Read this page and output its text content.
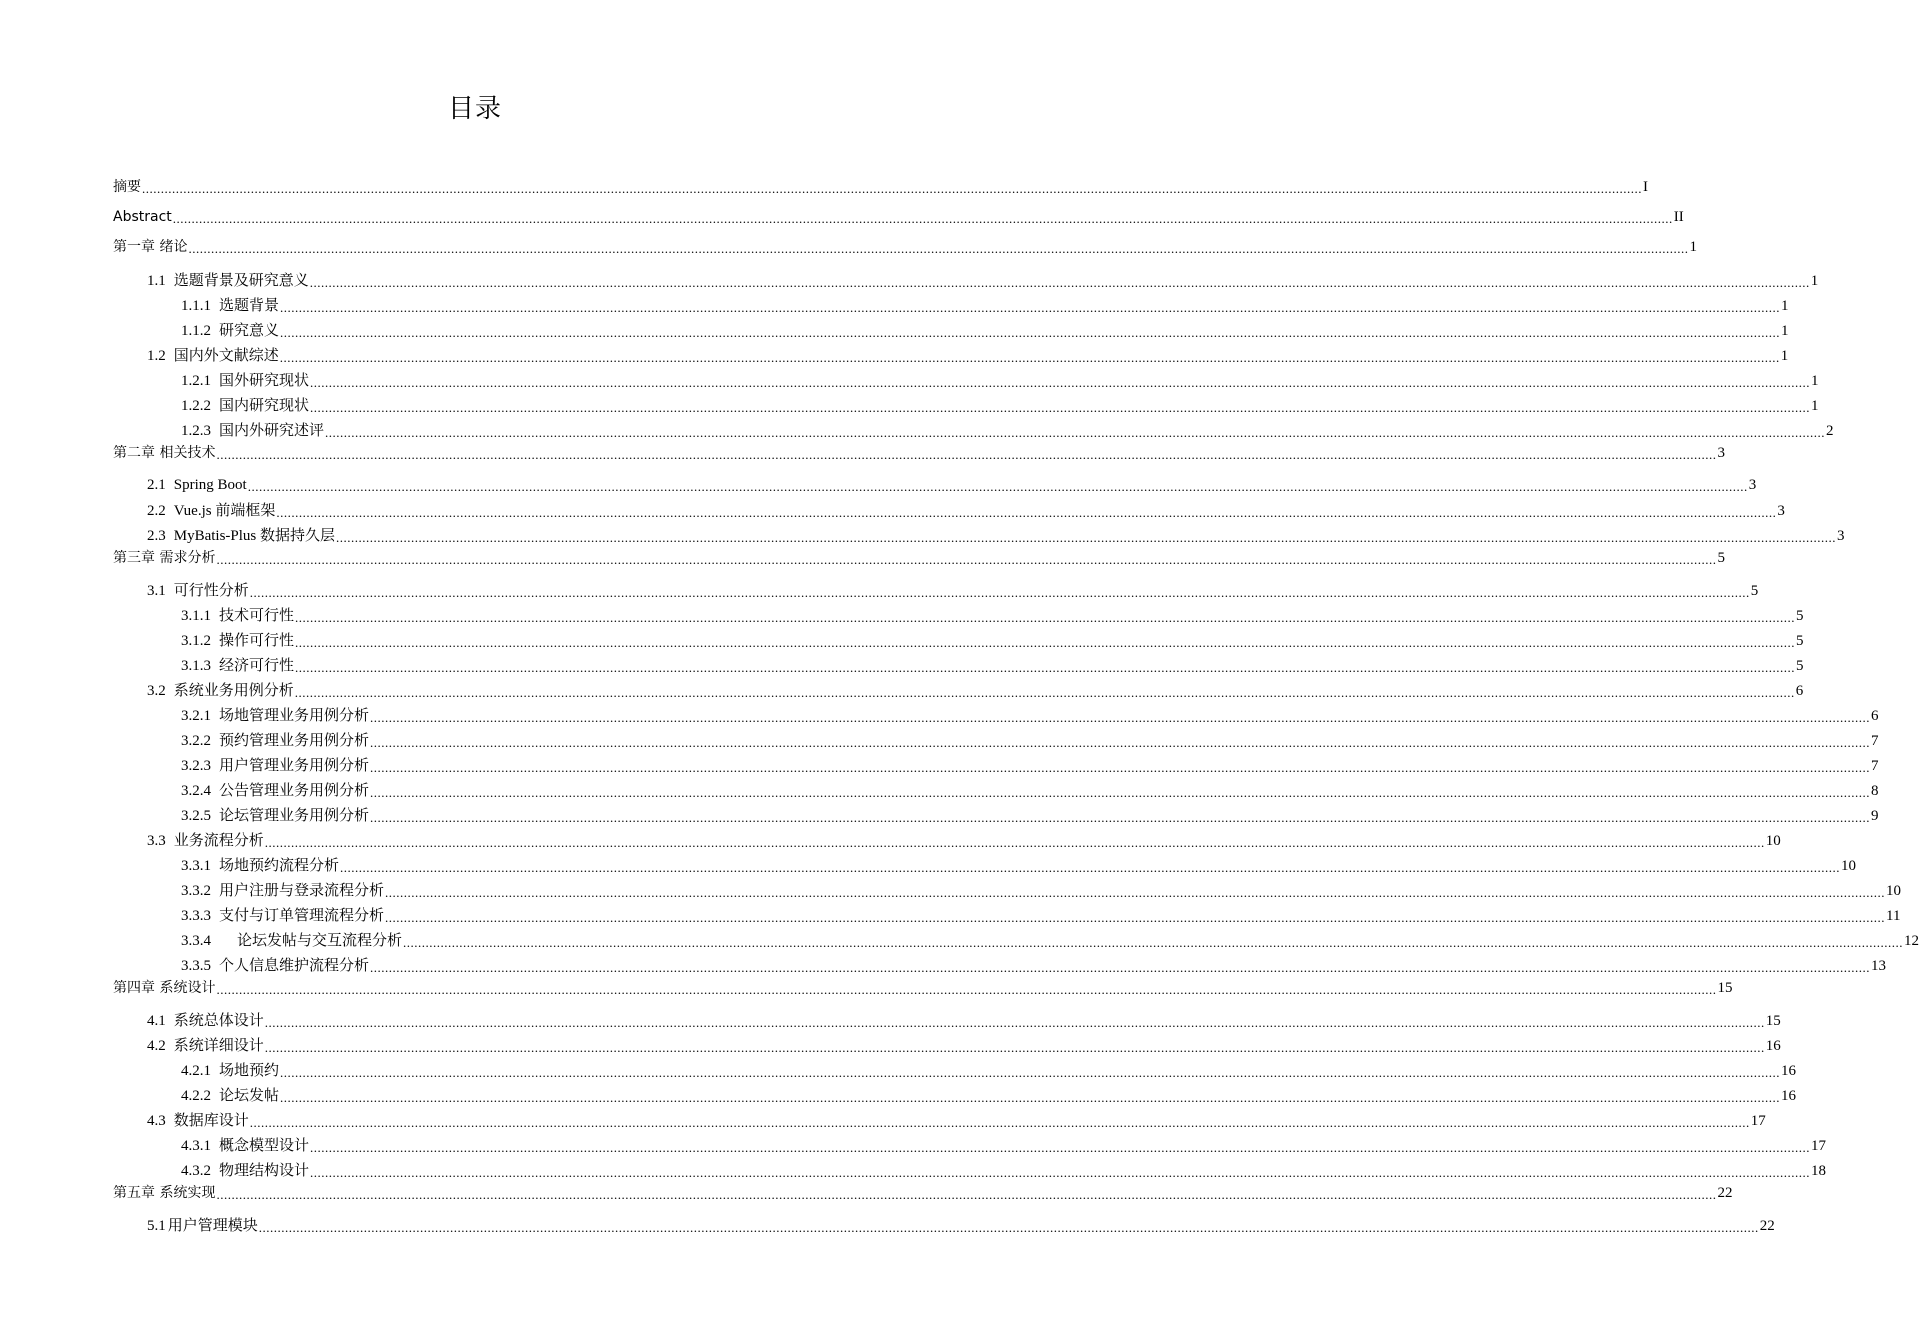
目录
摘要 ................................................................................................................................................................................................................................................................................................................................................................................................................ I
Abstract ................................................................................................................................................................................................................................................................................................................................................................................................................ II
第一章 绪论 ................................................................................................................................................................................................................................................................................................................................................................................................................ 1
1.1 选题背景及研究意义 ................................................................................................................................................................................................................................................................................................................................................................................................................ 1
1.1.1 选题背景 ................................................................................................................................................................................................................................................................................................................................................................................................................ 1
1.1.2 研究意义 ................................................................................................................................................................................................................................................................................................................................................................................................................ 1
1.2 国内外文献综述 ................................................................................................................................................................................................................................................................................................................................................................................................................ 1
1.2.1 国外研究现状 ................................................................................................................................................................................................................................................................................................................................................................................................................ 1
1.2.2 国内研究现状 ................................................................................................................................................................................................................................................................................................................................................................................................................ 1
1.2.3 国内外研究述评 ................................................................................................................................................................................................................................................................................................................................................................................................................ 2
第二章 相关技术 ................................................................................................................................................................................................................................................................................................................................................................................................................ 3
2.1 Spring Boot ................................................................................................................................................................................................................................................................................................................................................................................................................ 3
2.2 Vue.js 前端框架 ................................................................................................................................................................................................................................................................................................................................................................................................................ 3
2.3 MyBatis-Plus 数据持久层 ................................................................................................................................................................................................................................................................................................................................................................................................................ 3
第三章 需求分析 ................................................................................................................................................................................................................................................................................................................................................................................................................ 5
3.1 可行性分析 ................................................................................................................................................................................................................................................................................................................................................................................................................ 5
3.1.1 技术可行性 ................................................................................................................................................................................................................................................................................................................................................................................................................ 5
3.1.2 操作可行性 ................................................................................................................................................................................................................................................................................................................................................................................................................ 5
3.1.3 经济可行性 ................................................................................................................................................................................................................................................................................................................................................................................................................ 5
3.2 系统业务用例分析 ................................................................................................................................................................................................................................................................................................................................................................................................................ 6
3.2.1 场地管理业务用例分析 ................................................................................................................................................................................................................................................................................................................................................................................................................ 6
3.2.2 预约管理业务用例分析 ................................................................................................................................................................................................................................................................................................................................................................................................................ 7
3.2.3 用户管理业务用例分析 ................................................................................................................................................................................................................................................................................................................................................................................................................ 7
3.2.4 公告管理业务用例分析 ................................................................................................................................................................................................................................................................................................................................................................................................................ 8
3.2.5 论坛管理业务用例分析 ................................................................................................................................................................................................................................................................................................................................................................................................................ 9
3.3 业务流程分析 ................................................................................................................................................................................................................................................................................................................................................................................................................ 10
3.3.1 场地预约流程分析 ................................................................................................................................................................................................................................................................................................................................................................................................................ 10
3.3.2 用户注册与登录流程分析 ................................................................................................................................................................................................................................................................................................................................................................................................................ 10
3.3.3 支付与订单管理流程分析 ................................................................................................................................................................................................................................................................................................................................................................................................................ 11
3.3.4 论坛发帖与交互流程分析 ................................................................................................................................................................................................................................................................................................................................................................................................................ 12
3.3.5 个人信息维护流程分析 ................................................................................................................................................................................................................................................................................................................................................................................................................ 13
第四章 系统设计 ................................................................................................................................................................................................................................................................................................................................................................................................................ 15
4.1 系统总体设计 ................................................................................................................................................................................................................................................................................................................................................................................................................ 15
4.2 系统详细设计 ................................................................................................................................................................................................................................................................................................................................................................................................................ 16
4.2.1 场地预约 ................................................................................................................................................................................................................................................................................................................................................................................................................ 16
4.2.2 论坛发帖 ................................................................................................................................................................................................................................................................................................................................................................................................................ 16
4.3 数据库设计 ................................................................................................................................................................................................................................................................................................................................................................................................................ 17
4.3.1 概念模型设计 ................................................................................................................................................................................................................................................................................................................................................................................................................ 17
4.3.2 物理结构设计 ................................................................................................................................................................................................................................................................................................................................................................................................................ 18
第五章 系统实现 ................................................................................................................................................................................................................................................................................................................................................................................................................ 22
5.1 用户管理模块 ................................................................................................................................................................................................................................................................................................................................................................................................................ 22
